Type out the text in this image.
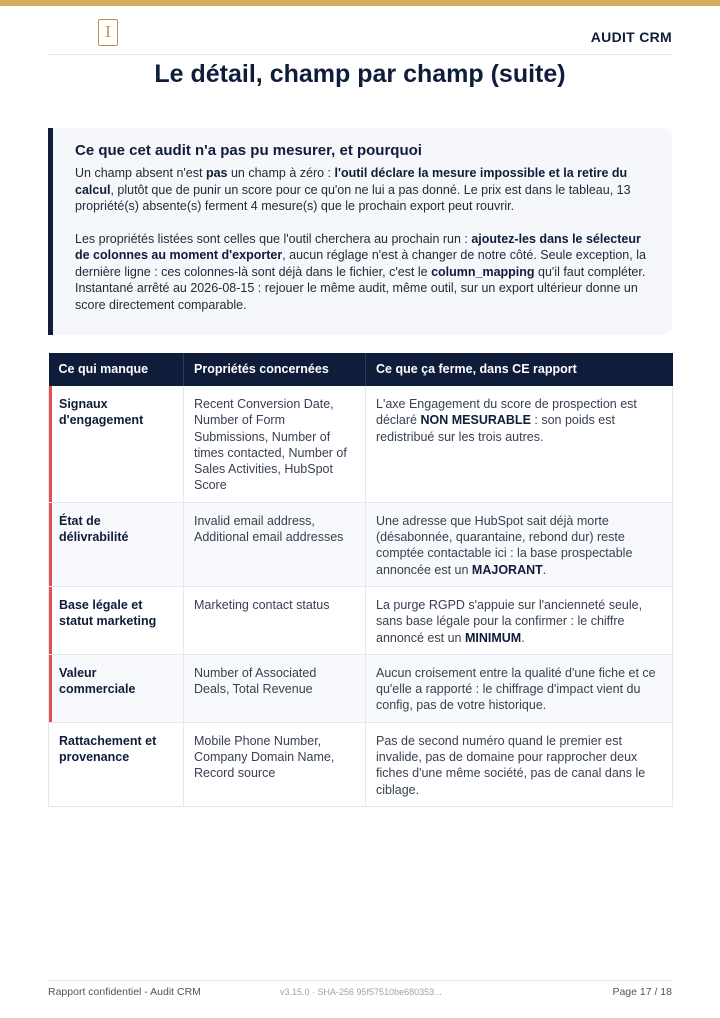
I	AUDIT CRM
Le détail, champ par champ (suite)
Ce que cet audit n'a pas pu mesurer, et pourquoi

Un champ absent n'est pas un champ à zéro : l'outil déclare la mesure impossible et la retire du calcul, plutôt que de punir un score pour ce qu'on ne lui a pas donné. Le prix est dans le tableau, 13 propriété(s) absente(s) ferment 4 mesure(s) que le prochain export peut rouvrir.

Les propriétés listées sont celles que l'outil cherchera au prochain run : ajoutez-les dans le sélecteur de colonnes au moment d'exporter, aucun réglage n'est à changer de notre côté. Seule exception, la dernière ligne : ces colonnes-là sont déjà dans le fichier, c'est le column_mapping qu'il faut compléter. Instantané arrêté au 2026-08-15 : rejouer le même audit, même outil, sur un export ultérieur donne un score directement comparable.

Ce qui manque	Propriétés concernées	Ce que ça ferme, dans CE rapport
Signaux d'engagement	Recent Conversion Date, Number of Form Submissions, Number of times contacted, Number of Sales Activities, HubSpot Score	L'axe Engagement du score de prospection est déclaré NON MESURABLE : son poids est redistribué sur les trois autres.
État de délivrabilité	Invalid email address, Additional email addresses	Une adresse que HubSpot sait déjà morte (désabonnée, quarantaine, rebond dur) reste comptée contactable ici : la base prospectable annoncée est un MAJORANT.
Base légale et statut marketing	Marketing contact status	La purge RGPD s'appuie sur l'ancienneté seule, sans base légale pour la confirmer : le chiffre annoncé est un MINIMUM.
Valeur commerciale	Number of Associated Deals, Total Revenue	Aucun croisement entre la qualité d'une fiche et ce qu'elle a rapporté : le chiffrage d'impact vient du config, pas de votre historique.
Rattachement et provenance	Mobile Phone Number, Company Domain Name, Record source	Pas de second numéro quand le premier est invalide, pas de domaine pour rapprocher deux fiches d'une même société, pas de canal dans le ciblage.
Rapport confidentiel - Audit CRM	v3.15.0 · SHA-256 95f57510be680353...	Page 17 / 18
